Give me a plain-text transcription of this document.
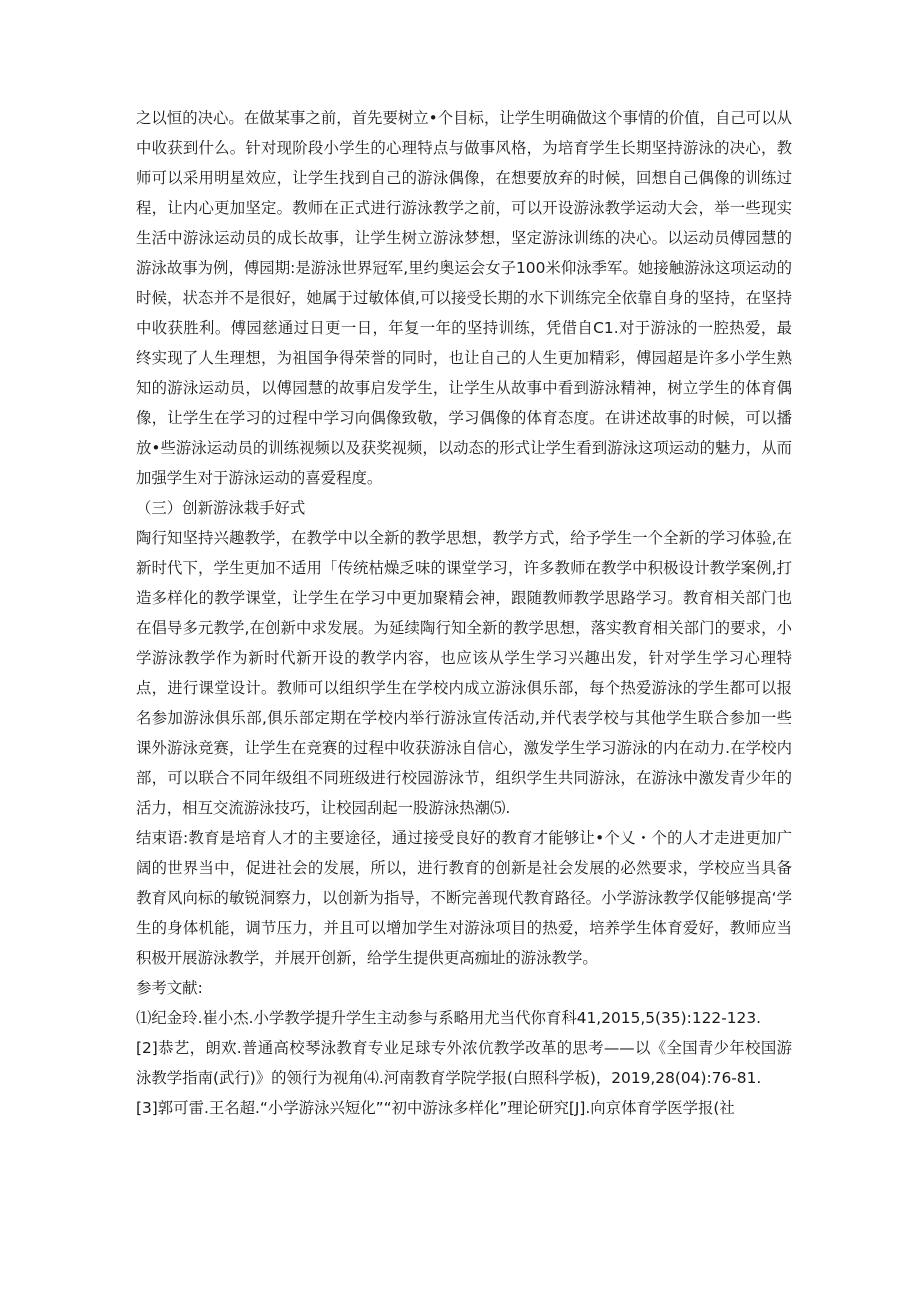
之以恒的决心。在做某事之前，首先要树立•个目标，让学生明确做这个事情的价值，自己可以从中收获到什么。针对现阶段小学生的心理特点与做事风格，为培育学生长期坚持游泳的决心，教师可以采用明星效应，让学生找到自己的游泳偶像，在想要放弃的时候，回想自己偶像的训练过程，让内心更加坚定。教师在正式进行游泳教学之前，可以开设游泳教学运动大会，举一些现实生活中游泳运动员的成长故事，让学生树立游泳梦想，坚定游泳训练的决心。以运动员傅园慧的游泳故事为例，傅园期:是游泳世界冠军,里约奥运会女子100米仰泳季军。她接触游泳这项运动的时候，状态并不是很好，她属于过敏体偵,可以接受长期的水下训练完全依靠自身的坚持，在坚持中收获胜利。傅园慈通过日更一日，年复一年的坚持训练，凭借自C1.对于游泳的一腔热爱，最终实现了人生理想，为祖国争得荣誉的同时，也让自己的人生更加精彩，傅园超是许多小学生熟知的游泳运动员，以傅园慧的故事启发学生，让学生从故事中看到游泳精神，树立学生的体育偶像，让学生在学习的过程中学习向偶像致敬，学习偶像的体育态度。在讲述故事的时候，可以播放•些游泳运动员的训练视频以及获奖视频，以动态的形式让学生看到游泳这项运动的魅力，从而加强学生对于游泳运动的喜爱程度。

（三）创新游泳栽手好式

陶行知坚持兴趣教学，在教学中以全新的教学思想，教学方式，给予学生一个全新的学习体验,在新时代下，学生更加不适用「传统枯燥乏味的课堂学习，许多教师在教学中积极设计教学案例,打造多样化的教学课堂，让学生在学习中更加聚精会神，跟随教师教学思路学习。教育相关部门也在倡导多元教学,在创新中求发展。为延续陶行知全新的教学思想，落实教育相关部门的要求，小学游泳教学作为新时代新开设的教学内容，也应该从学生学习兴趣出发，针对学生学习心理特点，进行课堂设计。教师可以组织学生在学校内成立游泳俱乐部，每个热爱游泳的学生都可以报名参加游泳俱乐部,俱乐部定期在学校内举行游泳宣传活动,并代表学校与其他学生联合参加一些课外游泳竞赛，让学生在竞赛的过程中收获游泳自信心，激发学生学习游泳的内在动力.在学校内部，可以联合不同年级组不同班级进行校园游泳节，组织学生共同游泳，在游泳中激发青少年的活力，相互交流游泳技巧，让校园刮起一股游泳热潮⑸.

结束语:教育是培育人才的主要途径，通过接受良好的教育才能够让•个乂・个的人才走进更加广阔的世界当中，促进社会的发展，所以，进行教育的创新是社会发展的必然要求，学校应当具备教育风向标的敏锐洞察力，以创新为指导，不断完善现代教育路径。小学游泳教学仅能够提高‘学生的身体机能，调节压力，并且可以增加学生对游泳项目的热爱，培养学生体育爱好，教师应当积极开展游泳教学，并展开创新，给学生提供更高痂址的游泳教学。

参考文献:

⑴纪金玲.崔小杰.小学教学提升学生主动参与系略用尤当代你育科41,2015,5(35):122-123.

[2]恭艺，朗欢.普通高校琴泳教育专业足球专外浓伉教学改革的思考——以《全国青少年校国游泳教学指南(武行)》的领行为视角⑷.河南教育学院学报(白照科学板)，2019,28(04):76-81.

[3]郭可雷.王名超.“小学游泳兴短化”“初中游泳多样化”理论研究[J].向京体育学医学报(社
